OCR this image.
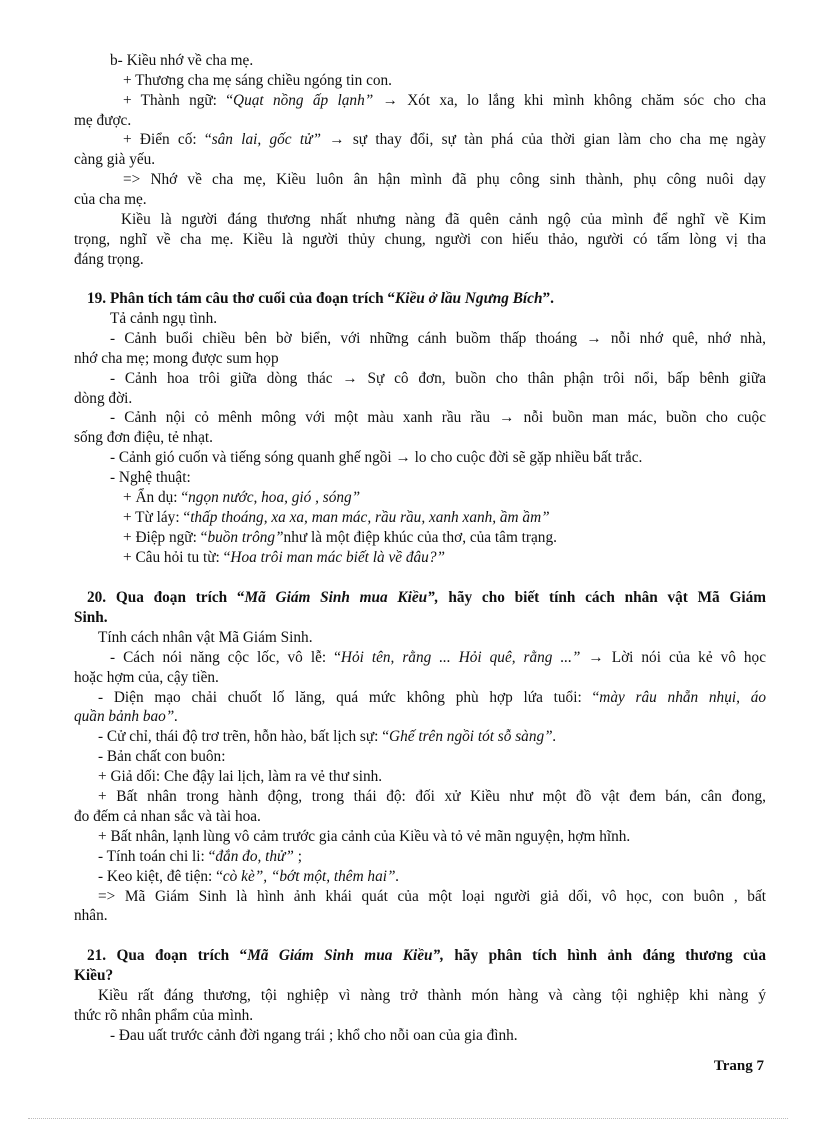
b- Kiều nhớ về cha mẹ.
+ Thương cha mẹ sáng chiều ngóng tin con.
+ Thành ngữ: “Quạt nồng ấp lạnh” → Xót xa, lo lắng khi mình không chăm sóc cho cha
mẹ được.
+ Điển cố: “sân lai, gốc tử” → sự thay đổi, sự tàn phá của thời gian làm cho cha mẹ ngày
càng già yếu.
=> Nhớ về cha mẹ, Kiều luôn ân hận mình đã phụ công sinh thành, phụ công nuôi dạy
của cha mẹ.
Kiều là người đáng thương nhất nhưng nàng đã quên cảnh ngộ của mình để nghĩ về Kim
trọng, nghĩ về cha mẹ. Kiều là người thủy chung, người con hiếu thảo, người có tấm lòng vị tha
đáng trọng.
19. Phân tích tám câu thơ cuối của đoạn trích “Kiều ở lầu Ngưng Bích”.
Tả cảnh ngụ tình.
- Cảnh buổi chiều bên bờ biển, với những cánh buồm thấp thoáng → nỗi nhớ quê, nhớ nhà,
nhớ cha mẹ; mong được sum họp
- Cảnh hoa trôi giữa dòng thác → Sự cô đơn, buồn cho thân phận trôi nổi, bấp bênh giữa
dòng đời.
- Cảnh nội cỏ mênh mông với một màu xanh rầu rầu → nỗi buồn man mác, buồn cho cuộc
sống đơn điệu, tẻ nhạt.
- Cảnh gió cuốn và tiếng sóng quanh ghế ngồi → lo cho cuộc đời sẽ gặp nhiều bất trắc.
- Nghệ thuật:
+ Ẩn dụ: “ngọn nước, hoa, gió , sóng”
+ Từ láy: “thấp thoáng, xa xa, man mác, rầu rầu, xanh xanh, ầm ầm”
+ Điệp ngữ: “buồn trông”như là một điệp khúc của thơ, của tâm trạng.
+ Câu hỏi tu từ: “Hoa trôi man mác biết là về đâu?”
20. Qua đoạn trích “Mã Giám Sinh mua Kiều”, hãy cho biết tính cách nhân vật Mã Giám
Sinh.
Tính cách nhân vật Mã Giám Sinh.
- Cách nói năng cộc lốc, vô lễ: “Hỏi tên, rằng ... Hỏi quê, rằng ...” → Lời nói của kẻ vô học
hoặc hợm của, cậy tiền.
- Diện mạo chải chuốt lố lăng, quá mức không phù hợp lứa tuổi: “mày râu nhẵn nhụi, áo
quần bảnh bao”.
- Cử chỉ, thái độ trơ trẽn, hỗn hào, bất lịch sự: “Ghế trên ngồi tót sỗ sàng”.
- Bản chất con buôn:
+ Giả dối: Che đậy lai lịch, làm ra vẻ thư sinh.
+ Bất nhân trong hành động, trong thái độ: đối xử Kiều như một đồ vật đem bán, cân đong,
đo đếm cả nhan sắc và tài hoa.
+ Bất nhân, lạnh lùng vô cảm trước gia cảnh của Kiều và tỏ vẻ mãn nguyện, hợm hĩnh.
- Tính toán chi li: “đắn đo, thử” ;
- Keo kiệt, đê tiện: “cò kè”, “bớt một, thêm hai”.
=> Mã Giám Sinh là hình ảnh khái quát của một loại người giả dối, vô học, con buôn , bất
nhân.
21. Qua đoạn trích “Mã Giám Sinh mua Kiều”, hãy phân tích hình ảnh đáng thương của
Kiều?
Kiều rất đáng thương, tội nghiệp vì nàng trở thành món hàng và càng tội nghiệp khi nàng ý
thức rõ nhân phẩm của mình.
- Đau uất trước cảnh đời ngang trái ; khổ cho nỗi oan của gia đình.
Trang 7
